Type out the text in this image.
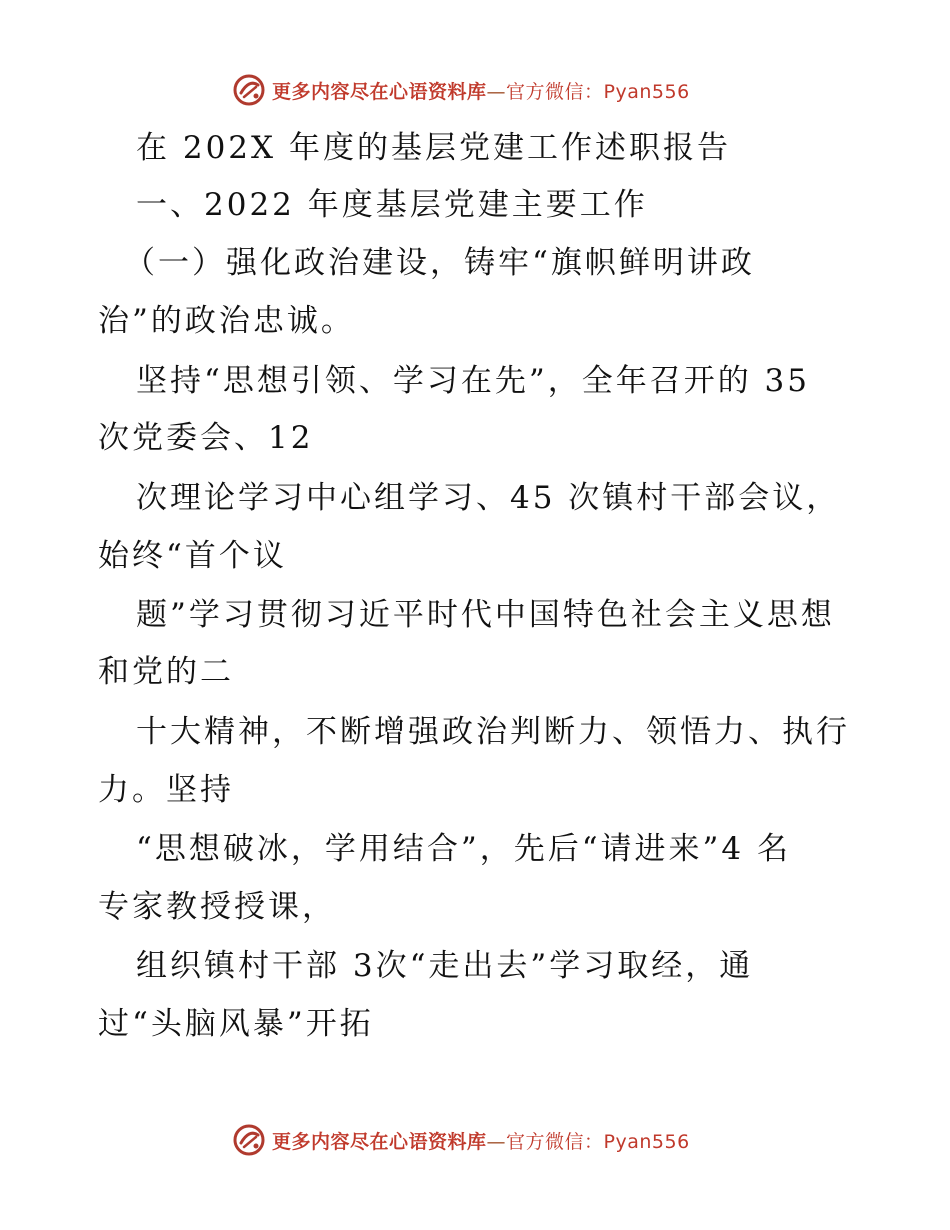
更多内容尽在心语资料库—官方微信：Pyan556
在 202X 年度的基层党建工作述职报告
一、2022 年度基层党建主要工作
（一）强化政治建设，铸牢“旗帜鲜明讲政
治”的政治忠诚。
坚持“思想引领、学习在先”，全年召开的 35
次党委会、12
次理论学习中心组学习、45 次镇村干部会议，
始终“首个议
题”学习贯彻习近平时代中国特色社会主义思想
和党的二
十大精神，不断增强政治判断力、领悟力、执行
力。坚持
“思想破冰，学用结合”，先后“请进来”4 名
专家教授授课，
组织镇村干部 3次“走出去”学习取经，通
过“头脑风暴”开拓
更多内容尽在心语资料库—官方微信：Pyan556
